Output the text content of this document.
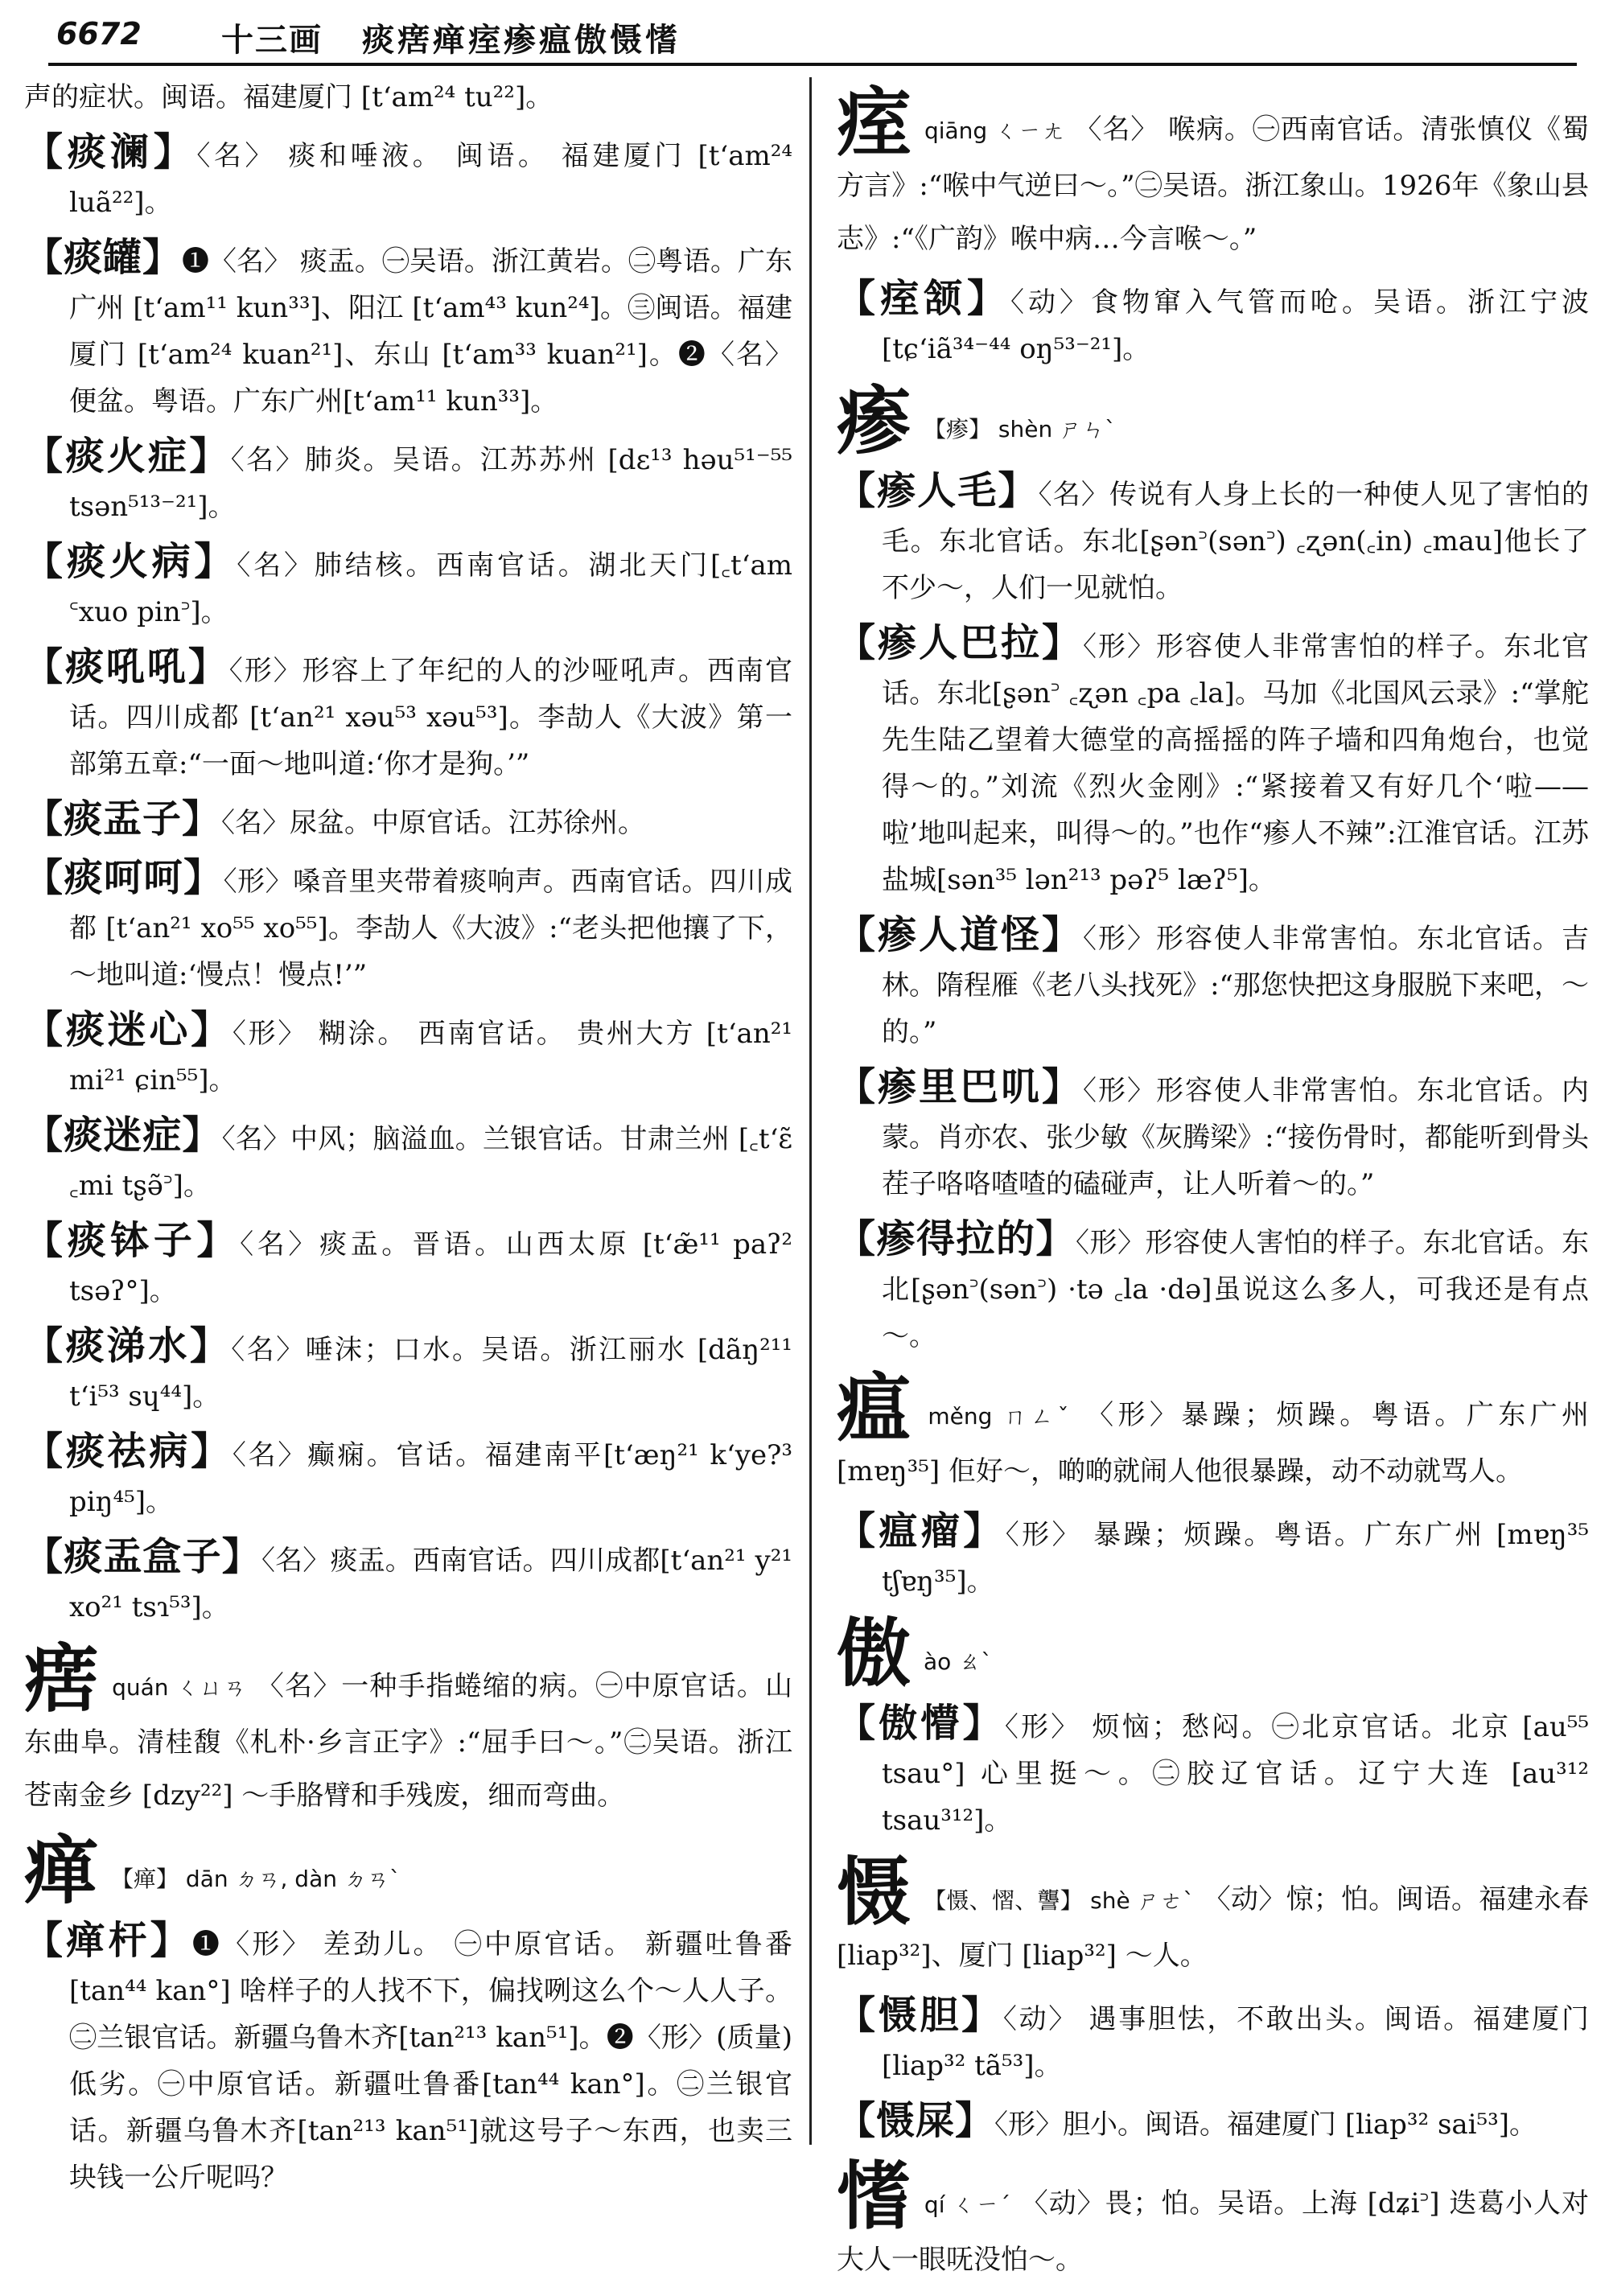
6672 十三画 痰瘔瘅痓瘆瘟傲慑愭
声的症状。闽语。福建厦门 [t‘am²⁴ tu²²]。
【痰澜】〈名〉 痰和唾液。 闽语。 福建厦门 [t‘am²⁴ luã²²]。
【痰罐】❶〈名〉 痰盂。㊀吴语。浙江黄岩。㊁粤语。广东广州 [t‘am¹¹ kun³³]、阳江 [t‘am⁴³ kun²⁴]。㊂闽语。福建厦门 [t‘am²⁴ kuan²¹]、东山 [t‘am³³ kuan²¹]。❷〈名〉便盆。粤语。广东广州[t‘am¹¹ kun³³]。
【痰火症】〈名〉肺炎。吴语。江苏苏州 [dɛ¹³ həu⁵¹⁻⁵⁵ tsən⁵¹³⁻²¹]。
【痰火病】〈名〉肺结核。西南官话。湖北天门[꜀t‘am ꜂xuo pin꜄]。
【痰吼吼】〈形〉形容上了年纪的人的沙哑吼声。西南官话。四川成都 [t‘an²¹ xəu⁵³ xəu⁵³]。李劼人《大波》第一部第五章:“一面～地叫道:‘你才是狗。’”
【痰盂子】〈名〉尿盆。中原官话。江苏徐州。
【痰呵呵】〈形〉嗓音里夹带着痰响声。西南官话。四川成都 [t‘an²¹ xo⁵⁵ xo⁵⁵]。李劼人《大波》:“老头把他攘了下，～地叫道:‘慢点！慢点!’”
【痰迷心】〈形〉 糊涂。 西南官话。 贵州大方 [t‘an²¹ mi²¹ ɕin⁵⁵]。
【痰迷症】〈名〉中风；脑溢血。兰银官话。甘肃兰州 [꜀t‘ɛ̃ ꜀mi tʂə̃꜄]。
【痰钵子】〈名〉痰盂。晋语。山西太原 [t‘æ̃¹¹ paʔ² tsəʔ°]。
【痰涕水】〈名〉唾沫；口水。吴语。浙江丽水 [dãŋ²¹¹ t‘i⁵³ sɥ⁴⁴]。
【痰祛病】〈名〉癫痫。官话。福建南平[t‘æŋ²¹ k‘ye?³ piŋ⁴⁵]。
【痰盂盒子】〈名〉痰盂。西南官话。四川成都[t‘an²¹ y²¹ xo²¹ tsɿ⁵³]。
瘔quán ㄑㄩㄢ 〈名〉一种手指蜷缩的病。㊀中原官话。山东曲阜。清桂馥《札朴·乡言正字》:“屈手曰～。”㊁吴语。浙江苍南金乡 [dzy²²] ～手胳臂和手残废，细而弯曲。
瘅 【瘅】 dān ㄉㄢ, dàn ㄉㄢˋ
【瘅杆】❶〈形〉 差劲儿。 ㊀中原官话。 新疆吐鲁番 [tan⁴⁴ kan°] 啥样子的人找不下，偏找咧这么个～人人子。㊁兰银官话。新疆乌鲁木齐[tan²¹³ kan⁵¹]。❷〈形〉(质量) 低劣。㊀中原官话。新疆吐鲁番[tan⁴⁴ kan°]。㊁兰银官话。新疆乌鲁木齐[tan²¹³ kan⁵¹]就这号子～东西，也卖三块钱一公斤呢吗？
痓qiāng ㄑㄧㄤ 〈名〉 喉病。㊀西南官话。清张慎仪《蜀方言》:“喉中气逆曰～。”㊁吴语。浙江象山。1926年《象山县志》:“《广韵》喉中病…今言喉～。”
【痓颔】〈动〉食物窜入气管而呛。吴语。浙江宁波 [tɕ‘iã³⁴⁻⁴⁴ oŋ⁵³⁻²¹]。
瘆 【瘆】 shèn ㄕㄣˋ
【瘆人毛】〈名〉传说有人身上长的一种使人见了害怕的毛。东北官话。东北[ʂən꜄(sən꜄) ꜀ʐən(꜀in) ꜀mau]他长了不少～，人们一见就怕。
【瘆人巴拉】〈形〉形容使人非常害怕的样子。东北官话。东北[ʂən꜄ ꜀ʐən ꜀pa ꜀la]。马加《北国风云录》:“掌舵先生陆乙望着大德堂的高摇摇的阵子墙和四角炮台，也觉得～的。”刘流《烈火金刚》:“紧接着又有好几个‘啦——啦’地叫起来，叫得～的。”也作“瘆人不辣”:江淮官话。江苏盐城[sən³⁵ lən²¹³ pəʔ⁵ læʔ⁵]。
【瘆人道怪】〈形〉形容使人非常害怕。东北官话。吉林。隋程雁《老八头找死》:“那您快把这身服脱下来吧，～的。”
【瘆里巴叽】〈形〉形容使人非常害怕。东北官话。内蒙。肖亦农、张少敏《灰腾梁》:“接伤骨时，都能听到骨头茬子咯咯喳喳的磕碰声，让人听着～的。”
【瘆得拉的】〈形〉形容使人害怕的样子。东北官话。东北[ʂən꜄(sən꜄) ·tə ꜀la ·də]虽说这么多人，可我还是有点～。
瘟měng ㄇㄥˇ 〈形〉暴躁；烦躁。粤语。广东广州 [mɐŋ³⁵] 佢好～，啲啲就闹人他很暴躁，动不动就骂人。
【瘟瘤】〈形〉 暴躁；烦躁。粤语。广东广州 [mɐŋ³⁵ tʃɐŋ³⁵]。
傲ào ㄠˋ
【傲懵】〈形〉 烦恼；愁闷。㊀北京官话。北京 [au⁵⁵ tsau°] 心里挺～。㊁胶辽官话。辽宁大连 [au³¹² tsau³¹²]。
慑 【慑、慴、讋】 shè ㄕㄜˋ 〈动〉惊；怕。闽语。福建永春 [liap³²]、厦门 [liap³²] ～人。
【慑胆】〈动〉 遇事胆怯，不敢出头。闽语。福建厦门 [liap³² tã⁵³]。
【慑屎】〈形〉胆小。闽语。福建厦门 [liap³² sai⁵³]。
愭qí ㄑㄧˊ 〈动〉畏；怕。吴语。上海 [dʑi꜄] 迭葛小人对大人一眼呒没怕～。
